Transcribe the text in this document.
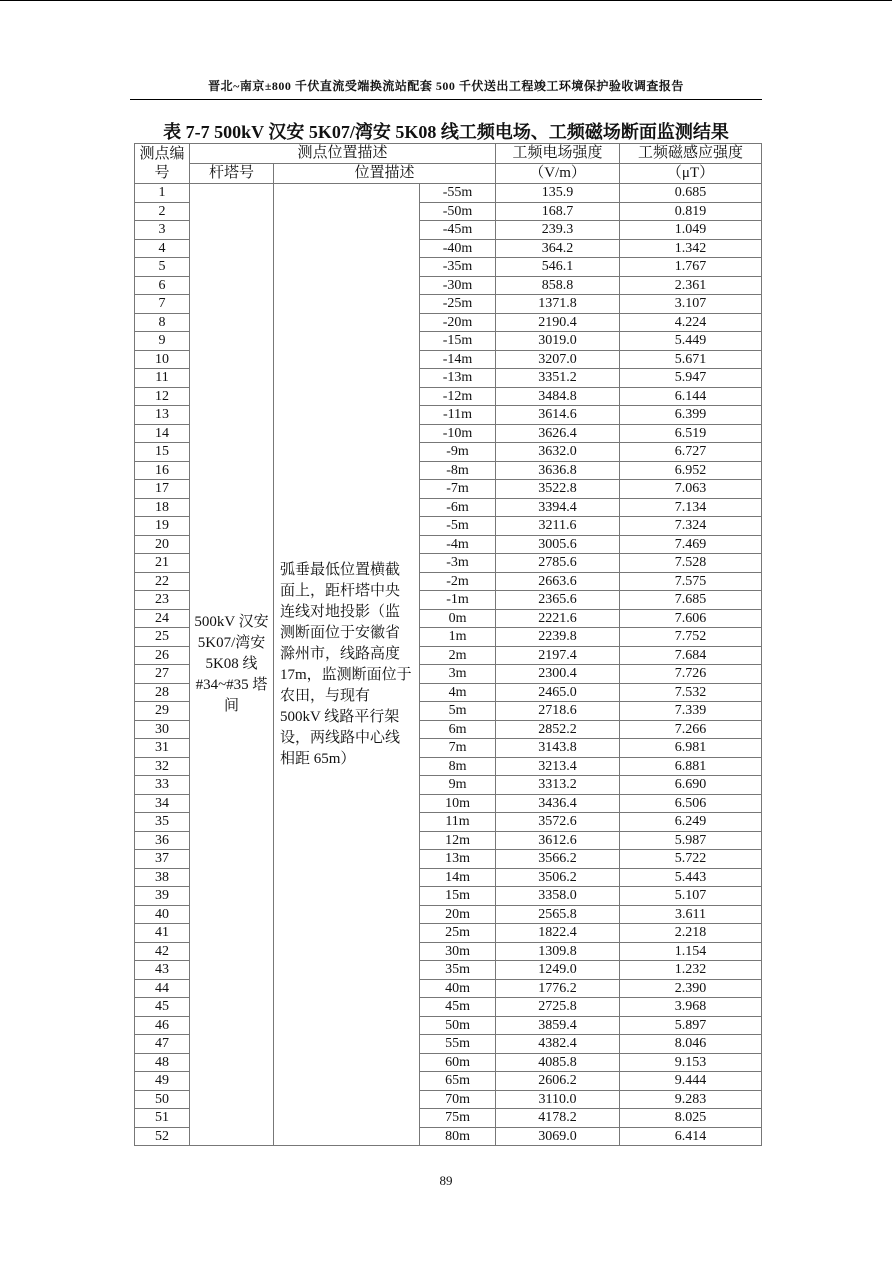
晋北~南京±800 千伏直流受端换流站配套 500 千伏送出工程竣工环境保护验收调查报告
表 7-7 500kV 汉安 5K07/湾安 5K08 线工频电场、工频磁场断面监测结果
测点编号	测点位置描述			工频电场强度	工频磁感应强度
	杆塔号	位置描述		（V/m）	（μT）
1	500kV 汉安 5K07/湾安 5K08 线 #34~#35 塔间	弧垂最低位置横截面上，距杆塔中央连线对地投影（监测断面位于安徽省滁州市，线路高度 17m，监测断面位于农田，与现有 500kV 线路平行架设，两线路中心线相距 65m）	-55m	135.9	0.685
2			-50m	168.7	0.819
3			-45m	239.3	1.049
4			-40m	364.2	1.342
5			-35m	546.1	1.767
6			-30m	858.8	2.361
7			-25m	1371.8	3.107
8			-20m	2190.4	4.224
9			-15m	3019.0	5.449
10			-14m	3207.0	5.671
11			-13m	3351.2	5.947
12			-12m	3484.8	6.144
13			-11m	3614.6	6.399
14			-10m	3626.4	6.519
15			-9m	3632.0	6.727
16			-8m	3636.8	6.952
17			-7m	3522.8	7.063
18			-6m	3394.4	7.134
19			-5m	3211.6	7.324
20			-4m	3005.6	7.469
21			-3m	2785.6	7.528
22			-2m	2663.6	7.575
23			-1m	2365.6	7.685
24			0m	2221.6	7.606
25			1m	2239.8	7.752
26			2m	2197.4	7.684
27			3m	2300.4	7.726
28			4m	2465.0	7.532
29			5m	2718.6	7.339
30			6m	2852.2	7.266
31			7m	3143.8	6.981
32			8m	3213.4	6.881
33			9m	3313.2	6.690
34			10m	3436.4	6.506
35			11m	3572.6	6.249
36			12m	3612.6	5.987
37			13m	3566.2	5.722
38			14m	3506.2	5.443
39			15m	3358.0	5.107
40			20m	2565.8	3.611
41			25m	1822.4	2.218
42			30m	1309.8	1.154
43			35m	1249.0	1.232
44			40m	1776.2	2.390
45			45m	2725.8	3.968
46			50m	3859.4	5.897
47			55m	4382.4	8.046
48			60m	4085.8	9.153
49			65m	2606.2	9.444
50			70m	3110.0	9.283
51			75m	4178.2	8.025
52			80m	3069.0	6.414
89
